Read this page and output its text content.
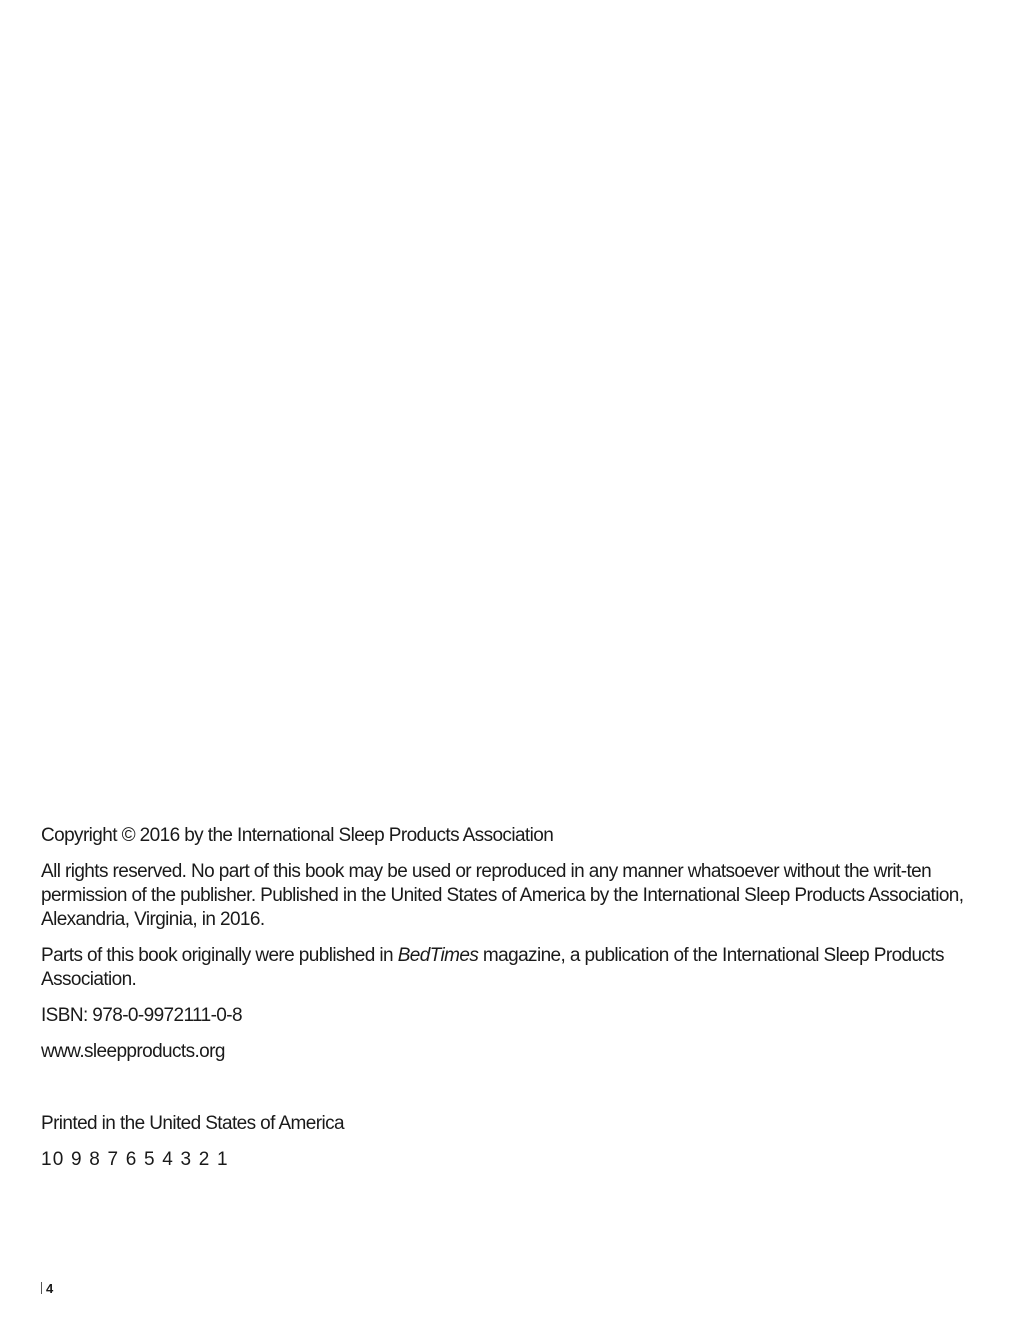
Copyright © 2016 by the International Sleep Products Association

All rights reserved. No part of this book may be used or reproduced in any manner whatsoever without the writ-ten permission of the publisher. Published in the United States of America by the International Sleep Products Association, Alexandria, Virginia, in 2016.

Parts of this book originally were published in BedTimes magazine, a publication of the International Sleep Products Association.

ISBN: 978-0-9972111-0-8

www.sleepproducts.org

Printed in the United States of America

10 9 8 7 6 5 4 3 2 1

4
